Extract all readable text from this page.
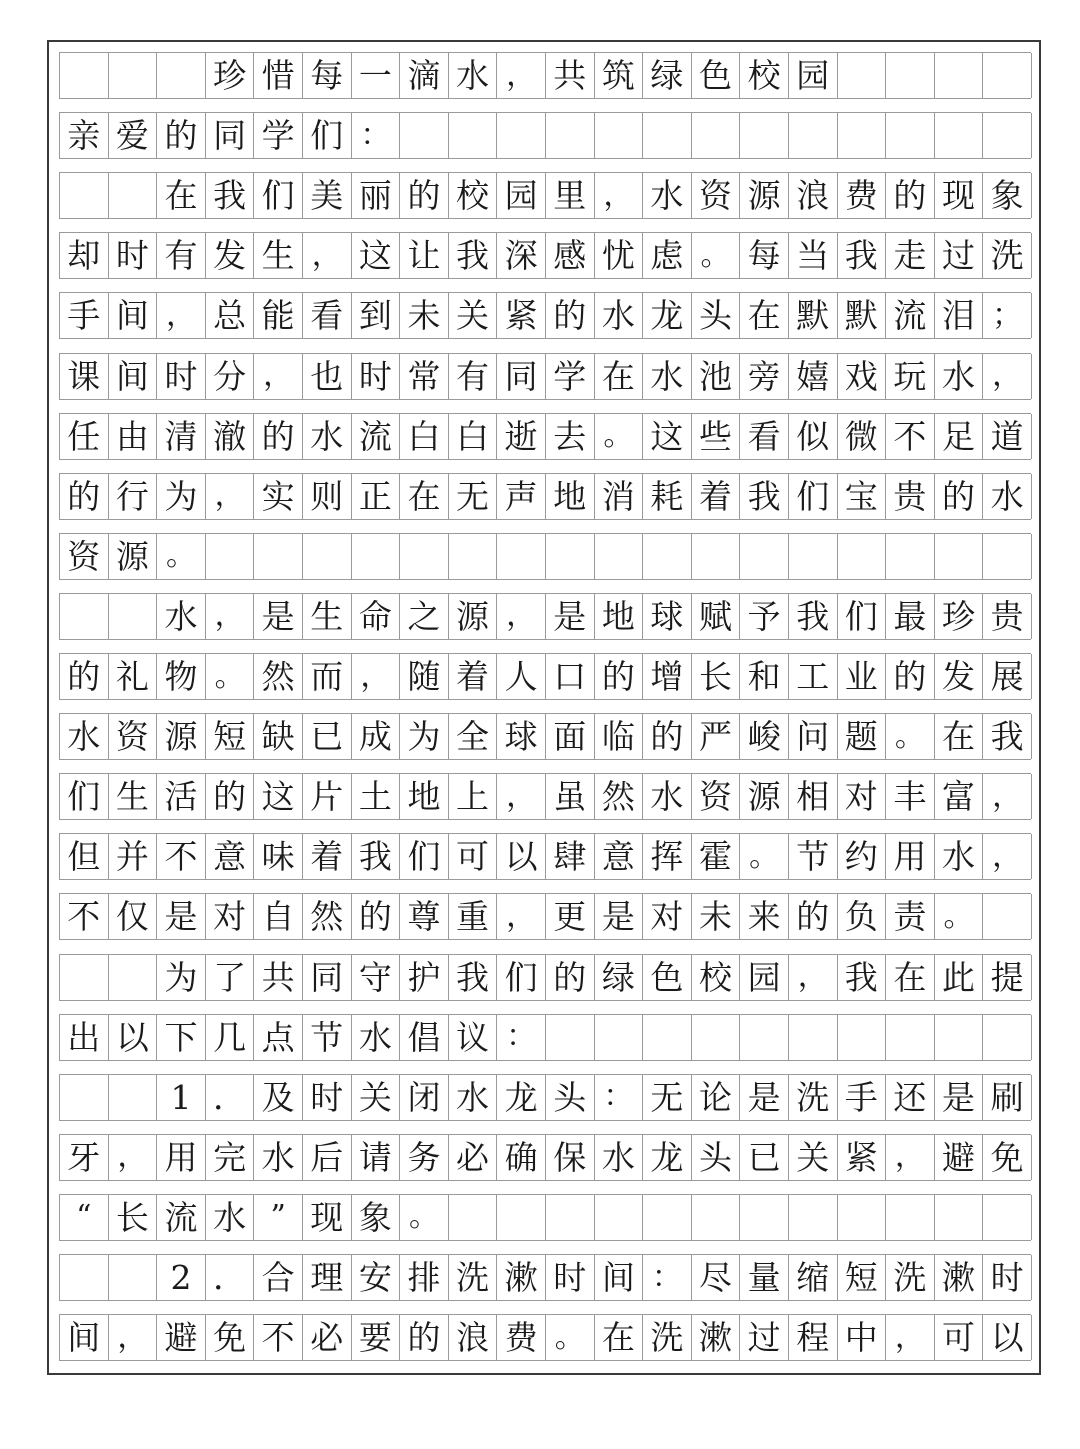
珍 惜 每 一 滴 水 ， 共 筑 绿 色 校 园
亲 爱 的 同 学 们 ：
在 我 们 美 丽 的 校 园 里 ， 水 资 源 浪 费 的 现 象
却 时 有 发 生 ， 这 让 我 深 感 忧 虑 。 每 当 我 走 过 洗
手 间 ， 总 能 看 到 未 关 紧 的 水 龙 头 在 默 默 流 泪 ；
课 间 时 分 ， 也 时 常 有 同 学 在 水 池 旁 嬉 戏 玩 水 ，
任 由 清 澈 的 水 流 白 白 逝 去 。 这 些 看 似 微 不 足 道
的 行 为 ， 实 则 正 在 无 声 地 消 耗 着 我 们 宝 贵 的 水
资 源 。
水 ， 是 生 命 之 源 ， 是 地 球 赋 予 我 们 最 珍 贵
的 礼 物 。 然 而 ， 随 着 人 口 的 增 长 和 工 业 的 发 展
水 资 源 短 缺 已 成 为 全 球 面 临 的 严 峻 问 题 。 在 我
们 生 活 的 这 片 土 地 上 ， 虽 然 水 资 源 相 对 丰 富 ，
但 并 不 意 味 着 我 们 可 以 肆 意 挥 霍 。 节 约 用 水 ，
不 仅 是 对 自 然 的 尊 重 ， 更 是 对 未 来 的 负 责 。
为 了 共 同 守 护 我 们 的 绿 色 校 园 ， 我 在 此 提
出 以 下 几 点 节 水 倡 议 ：
1 ． 及 时 关 闭 水 龙 头 ： 无 论 是 洗 手 还 是 刷
牙 ， 用 完 水 后 请 务 必 确 保 水 龙 头 已 关 紧 ， 避 免
“ 长 流 水 ” 现 象 。
2 ． 合 理 安 排 洗 漱 时 间 ： 尽 量 缩 短 洗 漱 时
间 ， 避 免 不 必 要 的 浪 费 。 在 洗 漱 过 程 中 ， 可 以
